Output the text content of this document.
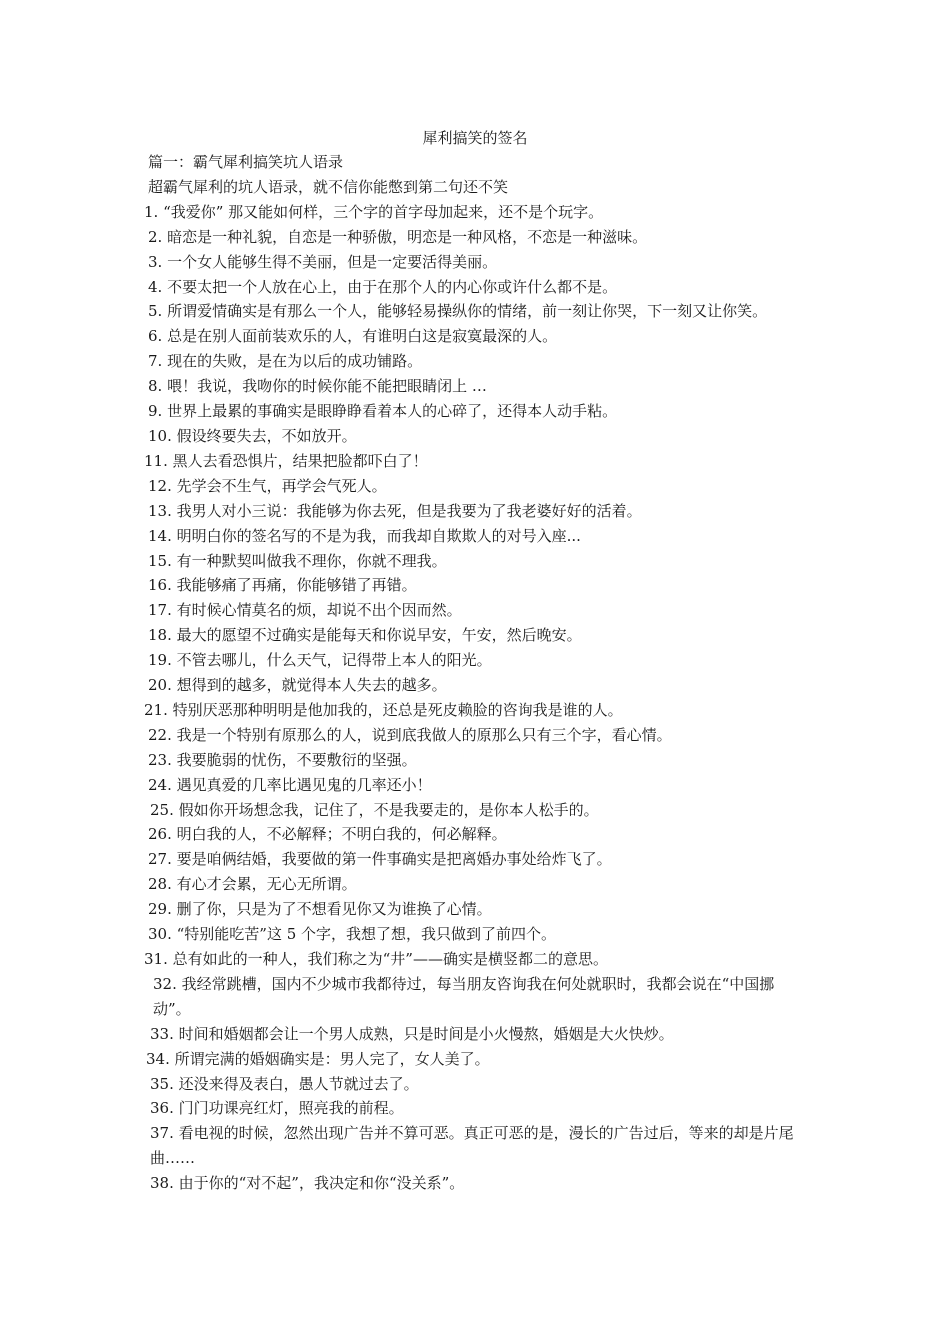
犀利搞笑的签名
篇一：霸气犀利搞笑坑人语录
超霸气犀利的坑人语录，就不信你能憋到第二句还不笑
1. “我爱你” 那又能如何样，三个字的首字母加起来，还不是个玩字。
2. 暗恋是一种礼貌，自恋是一种骄傲，明恋是一种风格，不恋是一种滋味。
3. 一个女人能够生得不美丽，但是一定要活得美丽。
4. 不要太把一个人放在心上，由于在那个人的内心你或许什么都不是。
5. 所谓爱情确实是有那么一个人，能够轻易操纵你的情绪，前一刻让你哭，下一刻又让你笑。
6. 总是在别人面前装欢乐的人，有谁明白这是寂寞最深的人。
7. 现在的失败，是在为以后的成功铺路。
8. 喂！我说，我吻你的时候你能不能把眼睛闭上 …
9. 世界上最累的事确实是眼睁睁看着本人的心碎了，还得本人动手粘。
10. 假设终要失去，不如放开。
11. 黑人去看恐惧片，结果把脸都吓白了！
12. 先学会不生气，再学会气死人。
13. 我男人对小三说：我能够为你去死，但是我要为了我老婆好好的活着。
14. 明明白你的签名写的不是为我，而我却自欺欺人的对号入座...
15. 有一种默契叫做我不理你，你就不理我。
16. 我能够痛了再痛，你能够错了再错。
17. 有时候心情莫名的烦，却说不出个因而然。
18. 最大的愿望不过确实是能每天和你说早安，午安，然后晚安。
19. 不管去哪儿，什么天气，记得带上本人的阳光。
20. 想得到的越多，就觉得本人失去的越多。
21. 特别厌恶那种明明是他加我的，还总是死皮赖脸的咨询我是谁的人。
22. 我是一个特别有原那么的人，说到底我做人的原那么只有三个字，看心情。
23. 我要脆弱的忧伤，不要敷衍的坚强。
24. 遇见真爱的几率比遇见鬼的几率还小！
25. 假如你开场想念我，记住了，不是我要走的，是你本人松手的。
26. 明白我的人，不必解释；不明白我的，何必解释。
27. 要是咱俩结婚，我要做的第一件事确实是把离婚办事处给炸飞了。
28. 有心才会累，无心无所谓。
29. 删了你，只是为了不想看见你又为谁换了心情。
30. “特别能吃苦”这 5 个字，我想了想，我只做到了前四个。
31. 总有如此的一种人，我们称之为“井”——确实是横竖都二的意思。
32. 我经常跳槽，国内不少城市我都待过，每当朋友咨询我在何处就职时，我都会说在“中国挪动”。
33. 时间和婚姻都会让一个男人成熟，只是时间是小火慢熬，婚姻是大火快炒。
34. 所谓完满的婚姻确实是：男人完了，女人美了。
35. 还没来得及表白，愚人节就过去了。
36. 门门功课亮红灯，照亮我的前程。
37. 看电视的时候，忽然出现广告并不算可恶。真正可恶的是，漫长的广告过后，等来的却是片尾曲……
38. 由于你的“对不起”，我决定和你“没关系”。
